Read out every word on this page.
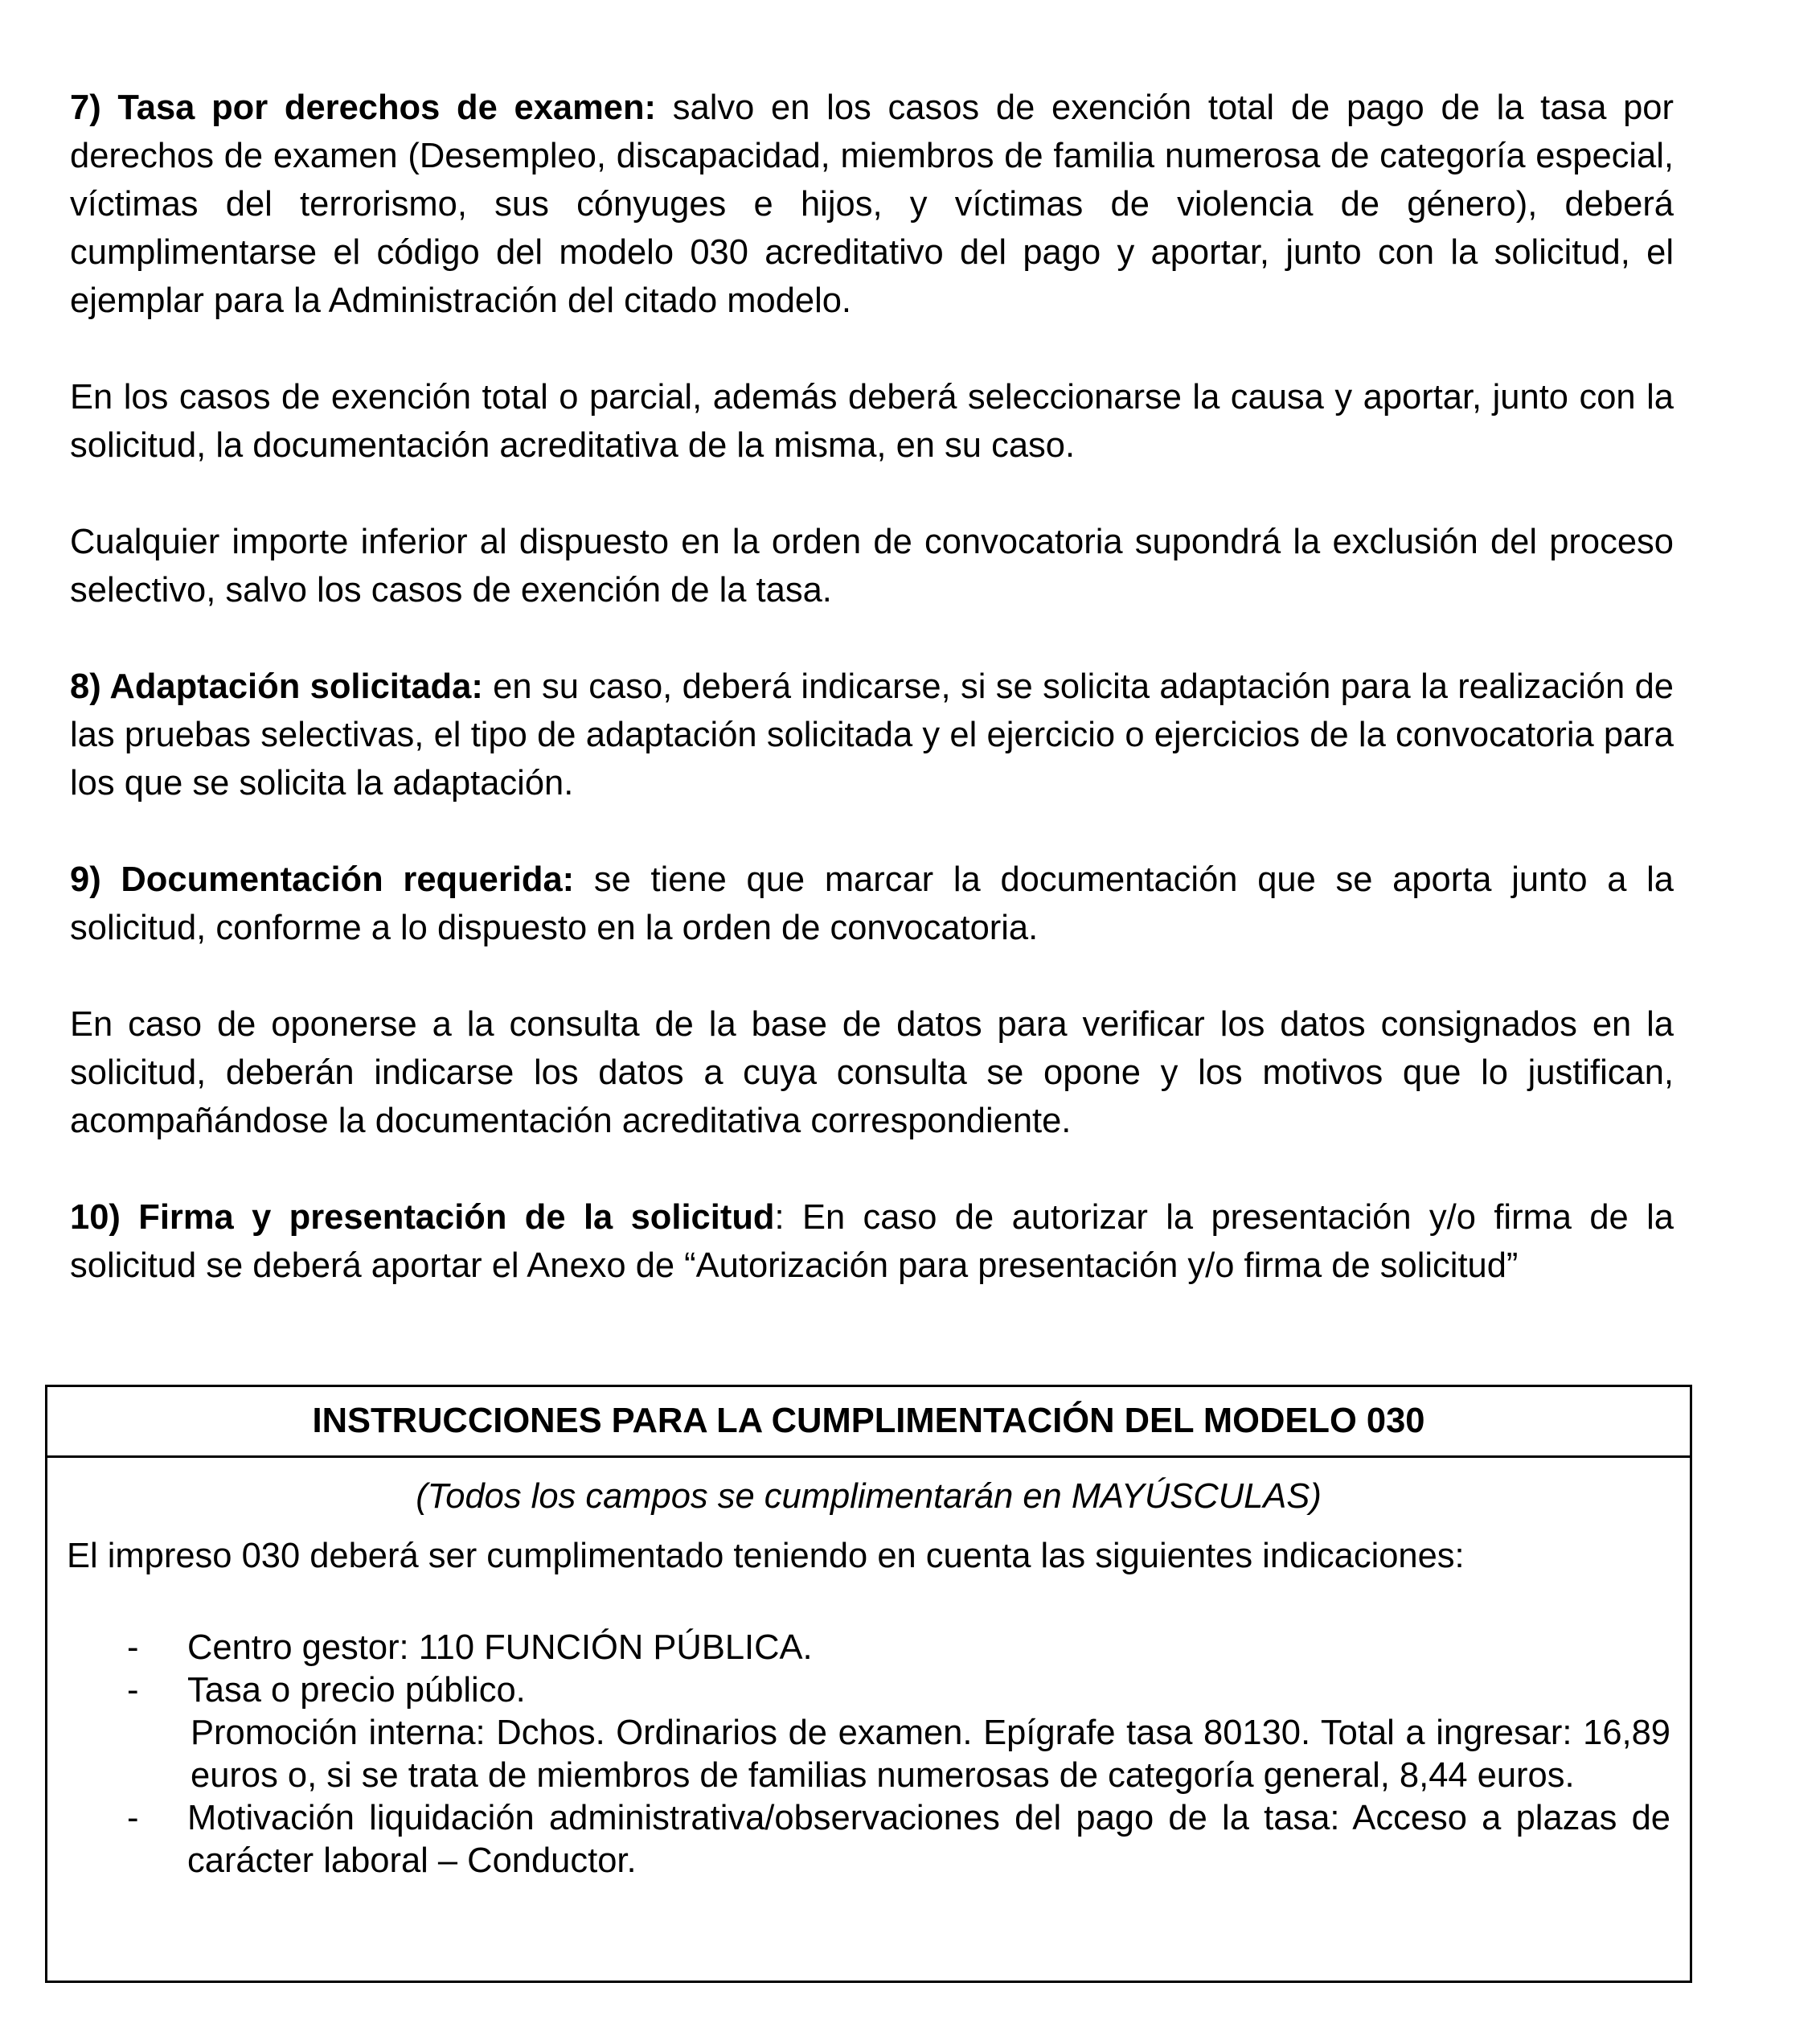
7) Tasa por derechos de examen: salvo en los casos de exención total de pago de la tasa por derechos de examen (Desempleo, discapacidad, miembros de familia numerosa de categoría especial, víctimas del terrorismo, sus cónyuges e hijos, y víctimas de violencia de género), deberá cumplimentarse el código del modelo 030 acreditativo del pago y aportar, junto con la solicitud, el ejemplar para la Administración del citado modelo.

En los casos de exención total o parcial, además deberá seleccionarse la causa y aportar, junto con la solicitud, la documentación acreditativa de la misma, en su caso.

Cualquier importe inferior al dispuesto en la orden de convocatoria supondrá la exclusión del proceso selectivo, salvo los casos de exención de la tasa.

8) Adaptación solicitada: en su caso, deberá indicarse, si se solicita adaptación para la realización de las pruebas selectivas, el tipo de adaptación solicitada y el ejercicio o ejercicios de la convocatoria para los que se solicita la adaptación.

9) Documentación requerida: se tiene que marcar la documentación que se aporta junto a la solicitud, conforme a lo dispuesto en la orden de convocatoria.

En caso de oponerse a la consulta de la base de datos para verificar los datos consignados en la solicitud, deberán indicarse los datos a cuya consulta se opone y los motivos que lo justifican, acompañándose la documentación acreditativa correspondiente.

10) Firma y presentación de la solicitud: En caso de autorizar la presentación y/o firma de la solicitud se deberá aportar el Anexo de “Autorización para presentación y/o firma de solicitud”

INSTRUCCIONES PARA LA CUMPLIMENTACIÓN DEL MODELO 030

(Todos los campos se cumplimentarán en MAYÚSCULAS)

El impreso 030 deberá ser cumplimentado teniendo en cuenta las siguientes indicaciones:

- Centro gestor: 110 FUNCIÓN PÚBLICA.
- Tasa o precio público.
Promoción interna: Dchos. Ordinarios de examen. Epígrafe tasa 80130. Total a ingresar: 16,89 euros o, si se trata de miembros de familias numerosas de categoría general, 8,44 euros.
- Motivación liquidación administrativa/observaciones del pago de la tasa: Acceso a plazas de carácter laboral – Conductor.
